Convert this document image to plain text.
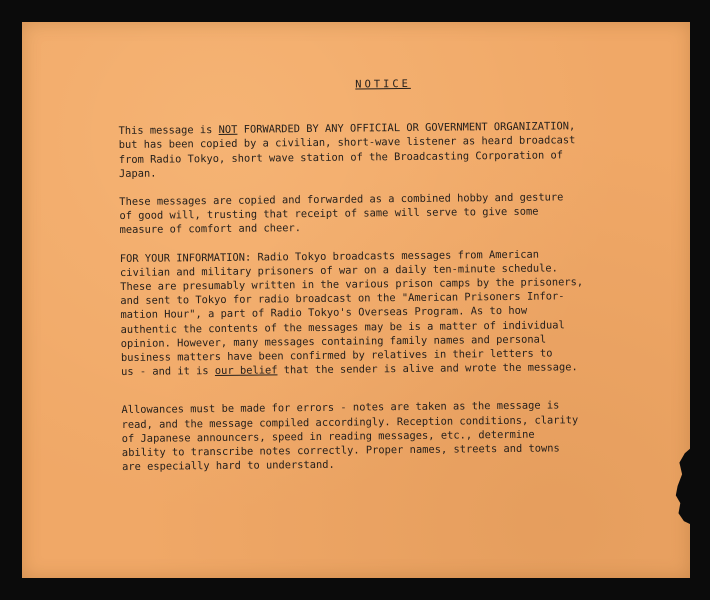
NOTICE
This message is NOT FORWARDED BY ANY OFFICIAL OR GOVERNMENT ORGANIZATION,
but has been copied by a civilian, short-wave listener as heard broadcast
from Radio Tokyo, short wave station of the Broadcasting Corporation of
Japan.
These messages are copied and forwarded as a combined hobby and gesture
of good will, trusting that receipt of same will serve to give some
measure of comfort and cheer.
FOR YOUR INFORMATION: Radio Tokyo broadcasts messages from American
civilian and military prisoners of war on a daily ten-minute schedule.
These are presumably written in the various prison camps by the prisoners,
and sent to Tokyo for radio broadcast on the "American Prisoners Infor-
mation Hour", a part of Radio Tokyo's Overseas Program. As to how
authentic the contents of the messages may be is a matter of individual
opinion. However, many messages containing family names and personal
business matters have been confirmed by relatives in their letters to
us - and it is our belief that the sender is alive and wrote the message.
Allowances must be made for errors - notes are taken as the message is
read, and the message compiled accordingly. Reception conditions, clarity
of Japanese announcers, speed in reading messages, etc., determine
ability to transcribe notes correctly. Proper names, streets and towns
are especially hard to understand.
